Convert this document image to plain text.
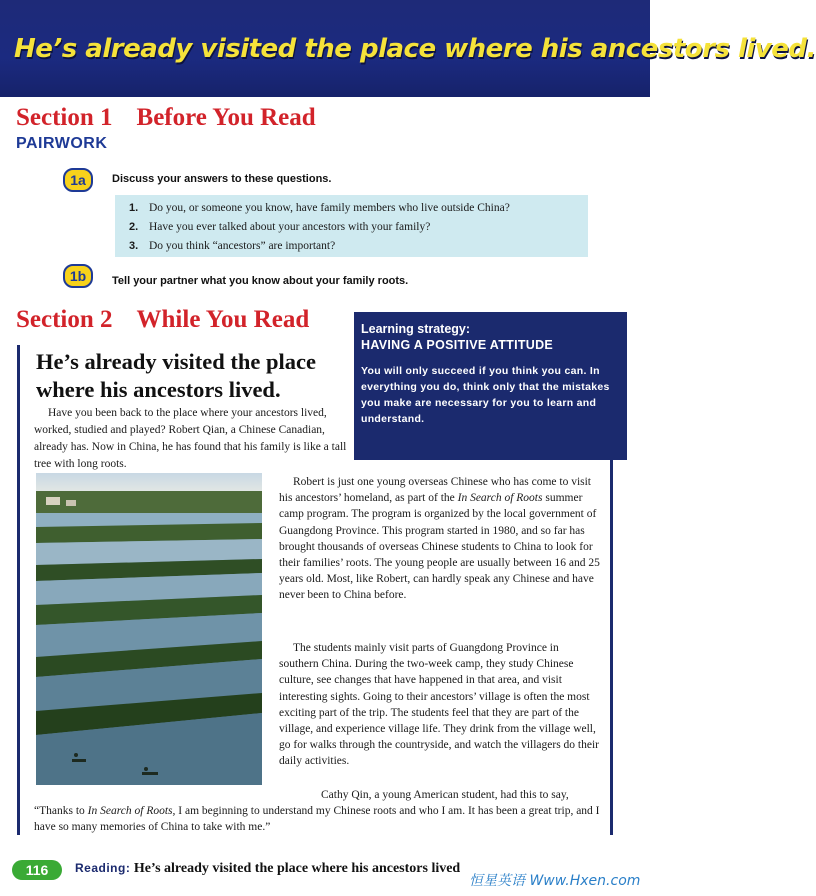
He’s already visited the place where his ancestors lived.
Section 1 Before You Read
PAIRWORK
1a	Discuss your answers to these questions.
1. Do you, or someone you know, have family members who live outside China?
2. Have you ever talked about your ancestors with your family?
3. Do you think “ancestors” are important?
1b	Tell your partner what you know about your family roots.
Section 2 While You Read	Learning strategy:
HAVING A POSITIVE ATTITUDE
You will only succeed if you think you can. In everything you do, think only that the mistakes you make are necessary for you to learn and understand.
He’s already visited the place where his ancestors lived.

Have you been back to the place where your ancestors lived, worked, studied and played? Robert Qian, a Chinese Canadian, already has. Now in China, he has found that his family is like a tall tree with long roots.

Robert is just one young overseas Chinese who has come to visit his ancestors’ homeland, as part of the In Search of Roots summer camp program. The program is organized by the local government of Guangdong Province. This program started in 1980, and so far has brought thousands of overseas Chinese students to China to look for their families’ roots. The young people are usually between 16 and 25 years old. Most, like Robert, can hardly speak any Chinese and have never been to China before.

The students mainly visit parts of Guangdong Province in southern China. During the two-week camp, they study Chinese culture, see changes that have happened in that area, and visit interesting sights. Going to their ancestors’ village is often the most exciting part of the trip. The students feel that they are part of the village, and experience village life. They drink from the village well, go for walks through the countryside, and watch the villagers do their daily activities.

Cathy Qin, a young American student, had this to say,
“Thanks to In Search of Roots, I am beginning to understand my Chinese roots and who I am. It has been a great trip, and I have so many memories of China to take with me.”

116	Reading: He’s already visited the place where his ancestors lived
恒星英语 Www.Hxen.com
